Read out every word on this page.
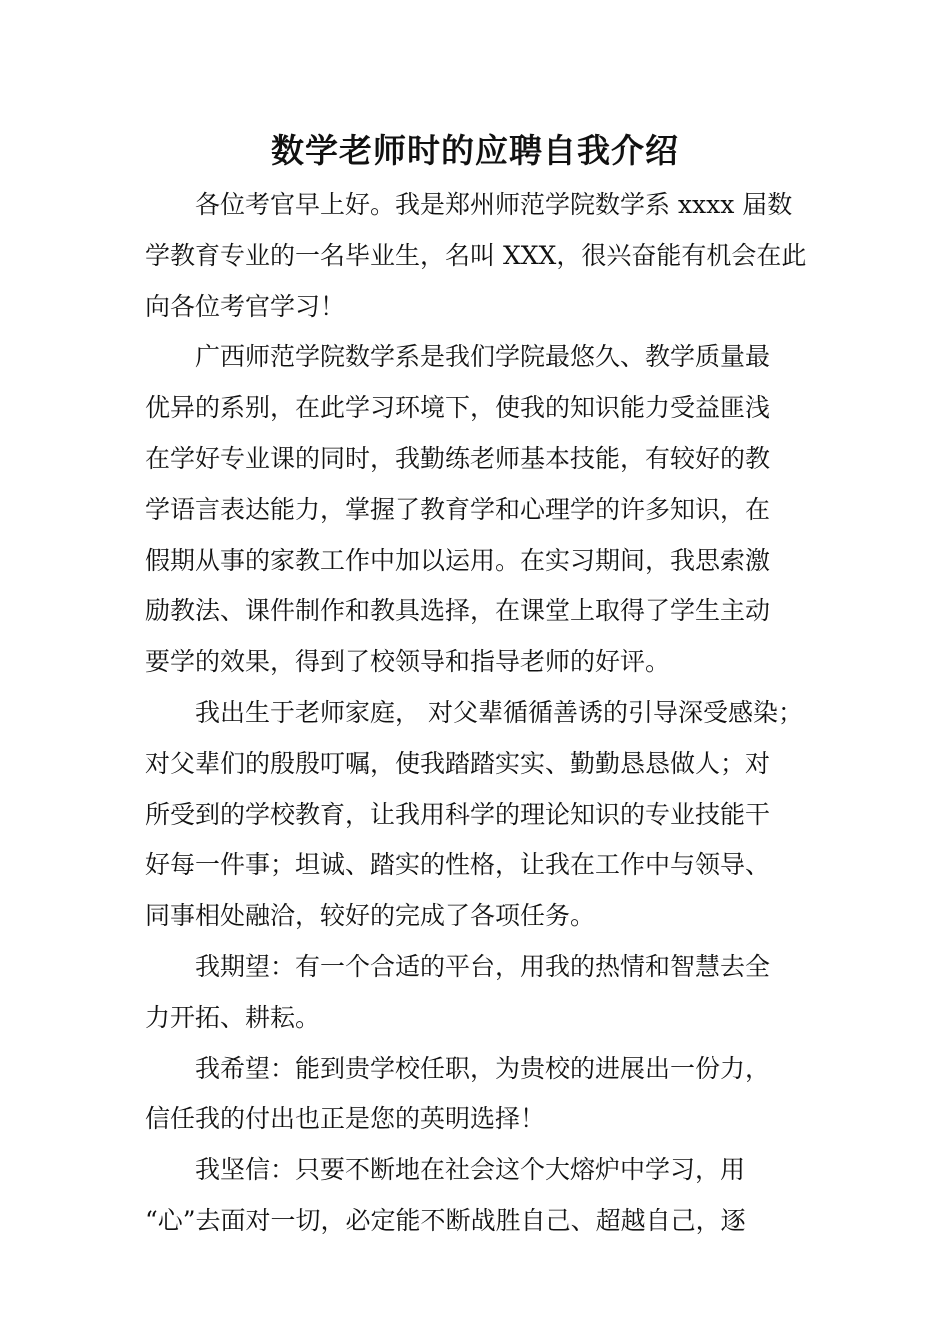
数学老师时的应聘自我介绍
　　各位考官早上好。我是郑州师范学院数学系 xxxx 届数
学教育专业的一名毕业生，名叫 XXX，很兴奋能有机会在此
向各位考官学习！
　　广西师范学院数学系是我们学院最悠久、教学质量最
优异的系别，在此学习环境下，使我的知识能力受益匪浅
在学好专业课的同时，我勤练老师基本技能，有较好的教
学语言表达能力，掌握了教育学和心理学的许多知识，在
假期从事的家教工作中加以运用。在实习期间，我思索激
励教法、课件制作和教具选择，在课堂上取得了学生主动
要学的效果，得到了校领导和指导老师的好评。
　　我出生于老师家庭， 对父辈循循善诱的引导深受感染；
对父辈们的殷殷叮嘱，使我踏踏实实、勤勤恳恳做人；对
所受到的学校教育，让我用科学的理论知识的专业技能干
好每一件事；坦诚、踏实的性格，让我在工作中与领导、
同事相处融洽，较好的完成了各项任务。
　　我期望：有一个合适的平台，用我的热情和智慧去全
力开拓、耕耘。
　　我希望：能到贵学校任职，为贵校的进展出一份力，
信任我的付出也正是您的英明选择！
　　我坚信：只要不断地在社会这个大熔炉中学习，用
“心”去面对一切，必定能不断战胜自己、超越自己，逐
